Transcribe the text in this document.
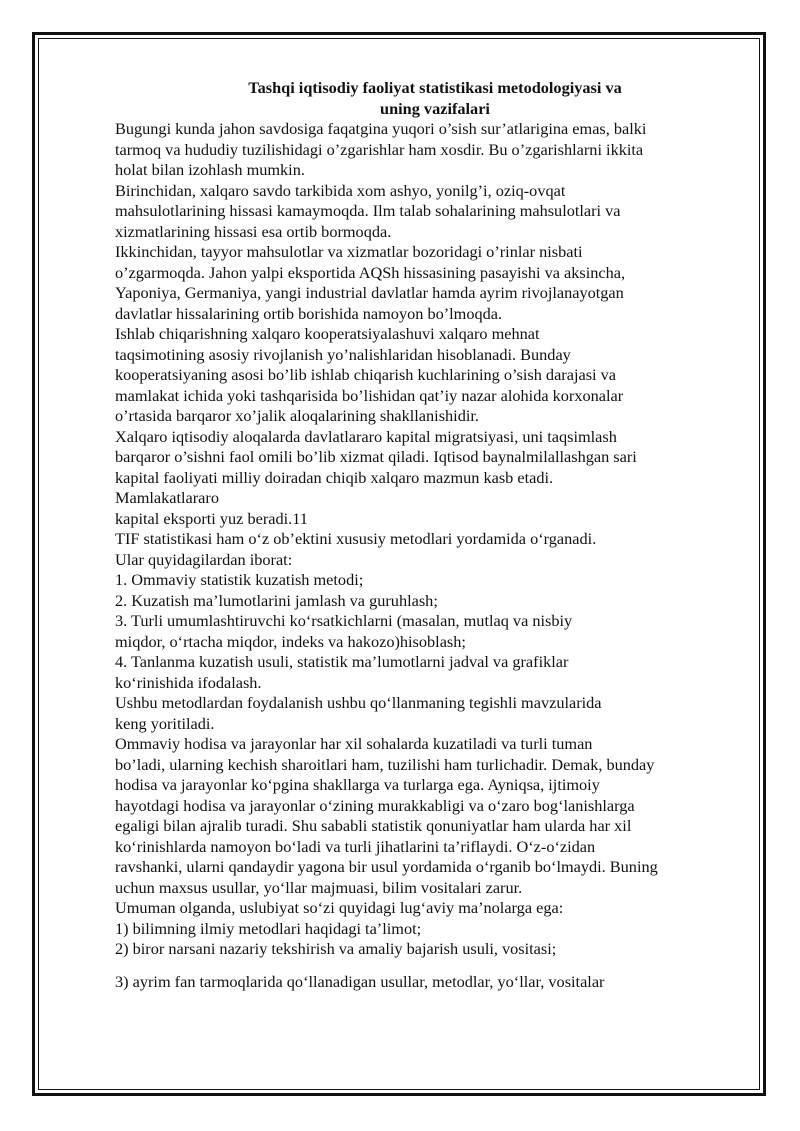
Tashqi iqtisodiy faoliyat statistikasi metodologiyasi va
uning vazifalari
Bugungi kunda jahon savdosiga faqatgina yuqori o’sish sur’atlarigina emas, balki
tarmoq va hududiy tuzilishidagi o’zgarishlar ham xosdir. Bu o’zgarishlarni ikkita
holat bilan izohlash mumkin.
Birinchidan, xalqaro savdo tarkibida xom ashyo, yonilg’i, oziq-ovqat
mahsulotlarining hissasi kamaymoqda. Ilm talab sohalarining mahsulotlari va
xizmatlarining hissasi esa ortib bormoqda.
Ikkinchidan, tayyor mahsulotlar va xizmatlar bozoridagi o’rinlar nisbati
o’zgarmoqda. Jahon yalpi eksportida AQSh hissasining pasayishi va aksincha,
Yaponiya, Germaniya, yangi industrial davlatlar hamda ayrim rivojlanayotgan
davlatlar hissalarining ortib borishida namoyon bo’lmoqda.
Ishlab chiqarishning xalqaro kooperatsiyalashuvi xalqaro mehnat
taqsimotining asosiy rivojlanish yo’nalishlaridan hisoblanadi. Bunday
kooperatsiyaning asosi bo’lib ishlab chiqarish kuchlarining o’sish darajasi va
mamlakat ichida yoki tashqarisida bo’lishidan qat’iy nazar alohida korxonalar
o’rtasida barqaror xo’jalik aloqalarining shakllanishidir.
Xalqaro iqtisodiy aloqalarda davlatlararo kapital migratsiyasi, uni taqsimlash
barqaror o’sishni faol omili bo’lib xizmat qiladi. Iqtisod baynalmilallashgan sari
kapital faoliyati milliy doiradan chiqib xalqaro mazmun kasb etadi.
Mamlakatlararo
kapital eksporti yuz beradi.11
TIF statistikasi ham o‘z ob’ektini xususiy metodlari yordamida o‘rganadi.
Ular quyidagilardan iborat:
1. Ommaviy statistik kuzatish metodi;
2. Kuzatish ma’lumotlarini jamlash va guruhlash;
3. Turli umumlashtiruvchi ko‘rsatkichlarni (masalan, mutlaq va nisbiy
miqdor, o‘rtacha miqdor, indeks va hakozo)hisoblash;
4. Tanlanma kuzatish usuli, statistik ma’lumotlarni jadval va grafiklar
ko‘rinishida ifodalash.
Ushbu metodlardan foydalanish ushbu qo‘llanmaning tegishli mavzularida
keng yoritiladi.
Ommaviy hodisa va jarayonlar har xil sohalarda kuzatiladi va turli tuman
bo’ladi, ularning kechish sharoitlari ham, tuzilishi ham turlichadir. Demak, bunday
hodisa va jarayonlar ko‘pgina shakllarga va turlarga ega. Ayniqsa, ijtimoiy
hayotdagi hodisa va jarayonlar o‘zining murakkabligi va o‘zaro bog‘lanishlarga
egaligi bilan ajralib turadi. Shu sababli statistik qonuniyatlar ham ularda har xil
ko‘rinishlarda namoyon bo‘ladi va turli jihatlarini ta’riflaydi. O‘z-o‘zidan
ravshanki, ularni qandaydir yagona bir usul yordamida o‘rganib bo‘lmaydi. Buning
uchun maxsus usullar, yo‘llar majmuasi, bilim vositalari zarur.
Umuman olganda, uslubiyat so‘zi quyidagi lug‘aviy ma’nolarga ega:
1) bilimning ilmiy metodlari haqidagi ta’limot;
2) biror narsani nazariy tekshirish va amaliy bajarish usuli, vositasi;
3) ayrim fan tarmoqlarida qo‘llanadigan usullar, metodlar, yo‘llar, vositalar
